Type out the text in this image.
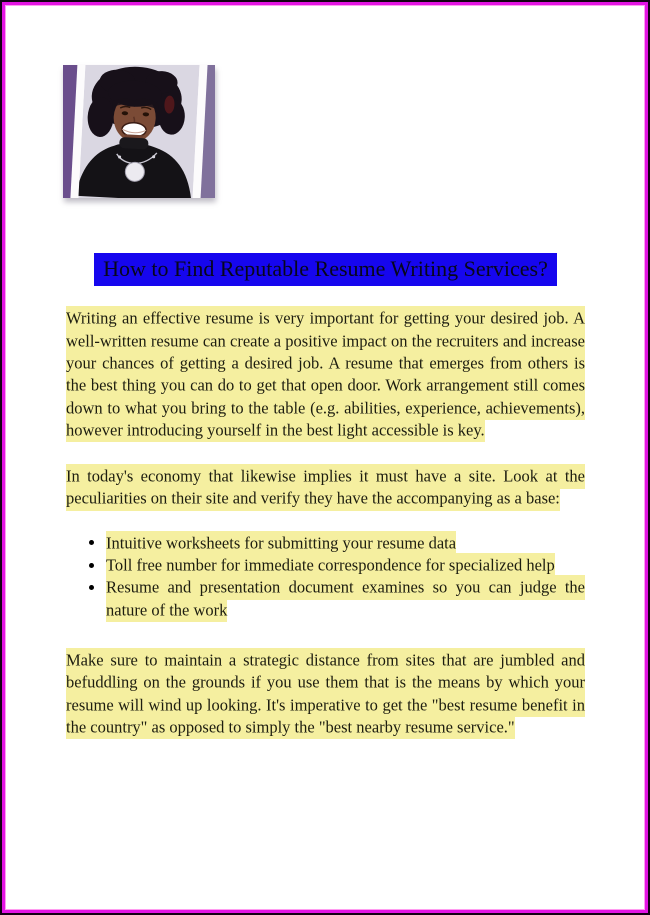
How to Find Reputable Resume Writing Services?

Writing an effective resume is very important for getting your desired job. A well-written resume can create a positive impact on the recruiters and increase your chances of getting a desired job. A resume that emerges from others is the best thing you can do to get that open door. Work arrangement still comes down to what you bring to the table (e.g. abilities, experience, achievements), however introducing yourself in the best light accessible is key.

In today's economy that likewise implies it must have a site. Look at the peculiarities on their site and verify they have the accompanying as a base:

• Intuitive worksheets for submitting your resume data
• Toll free number for immediate correspondence for specialized help
• Resume and presentation document examines so you can judge the nature of the work

Make sure to maintain a strategic distance from sites that are jumbled and befuddling on the grounds if you use them that is the means by which your resume will wind up looking. It's imperative to get the "best resume benefit in the country" as opposed to simply the "best nearby resume service."
